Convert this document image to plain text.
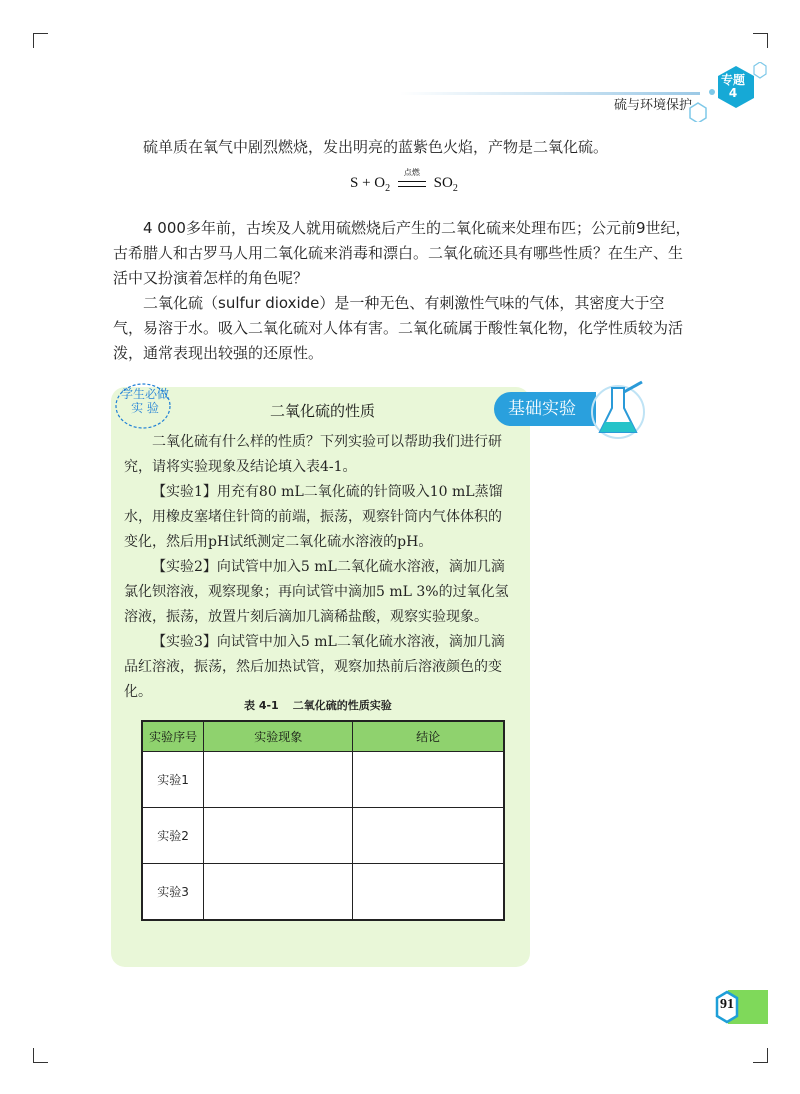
专题
4
硫与环境保护

硫单质在氧气中剧烈燃烧，发出明亮的蓝紫色火焰，产物是二氧化硫。

$S + O_2$
点燃
$SO_2$

4 000多年前，古埃及人就用硫燃烧后产生的二氧化硫来处理布匹；公元前9世纪，古希腊人和古罗马人用二氧化硫来消毒和漂白。二氧化硫还具有哪些性质？在生产、生活中又扮演着怎样的角色呢？

二氧化硫（sulfur dioxide）是一种无色、有刺激性气味的气体，其密度大于空气，易溶于水。吸入二氧化硫对人体有害。二氧化硫属于酸性氧化物，化学性质较为活泼，通常表现出较强的还原性。

学生必做
实 验	二氧化硫的性质	基础实验

二氧化硫有什么样的性质？下列实验可以帮助我们进行研究，请将实验现象及结论填入表4-1。

【实验1】用充有80 mL二氧化硫的针筒吸入10 mL蒸馏水，用橡皮塞堵住针筒的前端，振荡，观察针筒内气体体积的变化，然后用pH试纸测定二氧化硫水溶液的pH。

【实验2】向试管中加入5 mL二氧化硫水溶液，滴加几滴氯化钡溶液，观察现象；再向试管中滴加5 mL 3%的过氧化氢溶液，振荡，放置片刻后滴加几滴稀盐酸，观察实验现象。

【实验3】向试管中加入5 mL二氧化硫水溶液，滴加几滴品红溶液，振荡，然后加热试管，观察加热前后溶液颜色的变化。

表 4-1 二氧化硫的性质实验
实验序号	实验现象	结论
实验1		
实验2		
实验3		
91
